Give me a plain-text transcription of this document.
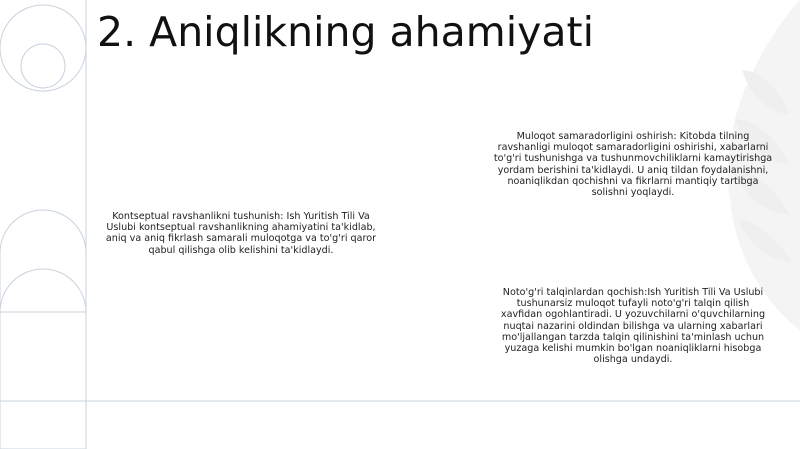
2. Aniqlikning ahamiyati

Muloqot samaradorligini oshirish: Kitobda tilning ravshanligi muloqot samaradorligini oshirishi, xabarlarni to'g'ri tushunishga va tushunmovchiliklarni kamaytirishga yordam berishini ta'kidlaydi. U aniq tildan foydalanishni, noaniqlikdan qochishni va fikrlarni mantiqiy tartibga solishni yoqlaydi.

Kontseptual ravshanlikni tushunish: Ish Yuritish Tili Va Uslubi kontseptual ravshanlikning ahamiyatini ta'kidlab, aniq va aniq fikrlash samarali muloqotga va to'g'ri qaror qabul qilishga olib kelishini ta'kidlaydi.

Noto'g'ri talqinlardan qochish:Ish Yuritish Tili Va Uslubi tushunarsiz muloqot tufayli noto'g'ri talqin qilish xavfidan ogohlantiradi. U yozuvchilarni o'quvchilarning nuqtai nazarini oldindan bilishga va ularning xabarlari mo'ljallangan tarzda talqin qilinishini ta'minlash uchun yuzaga kelishi mumkin bo'lgan noaniqliklarni hisobga olishga undaydi.
